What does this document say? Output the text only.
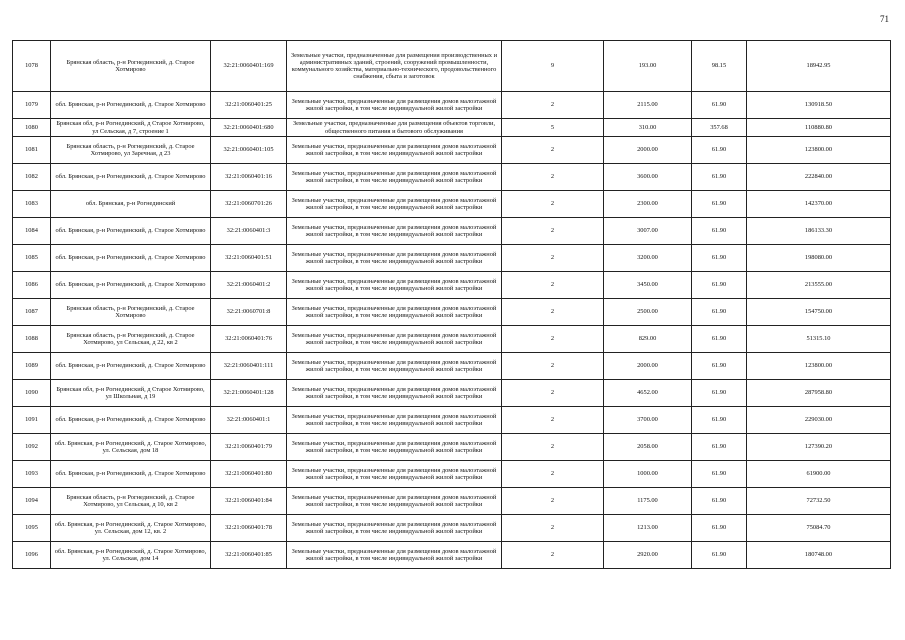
71
1078	Брянская область, р-н Рогнединский, д. Старое Хотмирово	32:21:0060401:169	Земельные участки, предназначенные для размещения производственных и административных зданий, строений, сооружений промышленности, коммунального хозяйства, материально-технического, продовольственного снабжения, сбыта и заготовок	9	193.00	98.15	18942.95
1079	обл. Брянская, р-н Рогнединский, д. Старое Хотмирово	32:21:0060401:25	Земельные участки, предназначенные для размещения домов малоэтажной жилой застройки, в том числе индивидуальной жилой застройки	2	2115.00	61.90	130918.50
1080	Брянская обл, р-н Рогнединский, д Старое Хотмирово, ул Сельская, д 7, строение 1	32:21:0060401:680	Земельные участки, предназначенные для размещения объектов торговли, общественного питания и бытового обслуживания	5	310.00	357.68	110880.80
1081	Брянская область, р-н Рогнединский, д. Старое Хотмирово, ул Заречная, д 23	32:21:0060401:105	Земельные участки, предназначенные для размещения домов малоэтажной жилой застройки, в том числе индивидуальной жилой застройки	2	2000.00	61.90	123800.00
1082	обл. Брянская, р-н Рогнединский, д. Старое Хотмирово	32:21:0060401:16	Земельные участки, предназначенные для размещения домов малоэтажной жилой застройки, в том числе индивидуальной жилой застройки	2	3600.00	61.90	222840.00
1083	обл. Брянская, р-н Рогнединский	32:21:0060701:26	Земельные участки, предназначенные для размещения домов малоэтажной жилой застройки, в том числе индивидуальной жилой застройки	2	2300.00	61.90	142370.00
1084	обл. Брянская, р-н Рогнединский, д. Старое Хотмирово	32:21:0060401:3	Земельные участки, предназначенные для размещения домов малоэтажной жилой застройки, в том числе индивидуальной жилой застройки	2	3007.00	61.90	186133.30
1085	обл. Брянская, р-н Рогнединский, д. Старое Хотмирово	32:21:0060401:51	Земельные участки, предназначенные для размещения домов малоэтажной жилой застройки, в том числе индивидуальной жилой застройки	2	3200.00	61.90	198080.00
1086	обл. Брянская, р-н Рогнединский, д. Старое Хотмирово	32:21:0060401:2	Земельные участки, предназначенные для размещения домов малоэтажной жилой застройки, в том числе индивидуальной жилой застройки	2	3450.00	61.90	213555.00
1087	Брянская область, р-н Рогнединский, д. Старое Хотмирово	32:21:0060701:8	Земельные участки, предназначенные для размещения домов малоэтажной жилой застройки, в том числе индивидуальной жилой застройки	2	2500.00	61.90	154750.00
1088	Брянская область, р-н Рогнединский, д. Старое Хотмирово, ул Сельская, д 22, кв 2	32:21:0060401:76	Земельные участки, предназначенные для размещения домов малоэтажной жилой застройки, в том числе индивидуальной жилой застройки	2	829.00	61.90	51315.10
1089	обл. Брянская, р-н Рогнединский, д. Старое Хотмирово	32:21:0060401:111	Земельные участки, предназначенные для размещения домов малоэтажной жилой застройки, в том числе индивидуальной жилой застройки	2	2000.00	61.90	123800.00
1090	Брянская обл, р-н Рогнединский, д Старое Хотмирово, ул Школьная, д 19	32:21:0060401:128	Земельные участки, предназначенные для размещения домов малоэтажной жилой застройки, в том числе индивидуальной жилой застройки	2	4652.00	61.90	287958.80
1091	обл. Брянская, р-н Рогнединский, д. Старое Хотмирово	32:21:0060401:1	Земельные участки, предназначенные для размещения домов малоэтажной жилой застройки, в том числе индивидуальной жилой застройки	2	3700.00	61.90	229030.00
1092	обл. Брянская, р-н Рогнединский, д. Старое Хотмирово, ул. Сельская, дом 18	32:21:0060401:79	Земельные участки, предназначенные для размещения домов малоэтажной жилой застройки, в том числе индивидуальной жилой застройки	2	2058.00	61.90	127390.20
1093	обл. Брянская, р-н Рогнединский, д. Старое Хотмирово	32:21:0060401:80	Земельные участки, предназначенные для размещения домов малоэтажной жилой застройки, в том числе индивидуальной жилой застройки	2	1000.00	61.90	61900.00
1094	Брянская область, р-н Рогнединский, д. Старое Хотмирово, ул Сельская, д 10, кв 2	32:21:0060401:84	Земельные участки, предназначенные для размещения домов малоэтажной жилой застройки, в том числе индивидуальной жилой застройки	2	1175.00	61.90	72732.50
1095	обл. Брянская, р-н Рогнединский, д. Старое Хотмирово, ул. Сельская, дом 12, кв. 2	32:21:0060401:78	Земельные участки, предназначенные для размещения домов малоэтажной жилой застройки, в том числе индивидуальной жилой застройки	2	1213.00	61.90	75084.70
1096	обл. Брянская, р-н Рогнединский, д. Старое Хотмирово, ул. Сельская, дом 14	32:21:0060401:85	Земельные участки, предназначенные для размещения домов малоэтажной жилой застройки, в том числе индивидуальной жилой застройки	2	2920.00	61.90	180748.00
